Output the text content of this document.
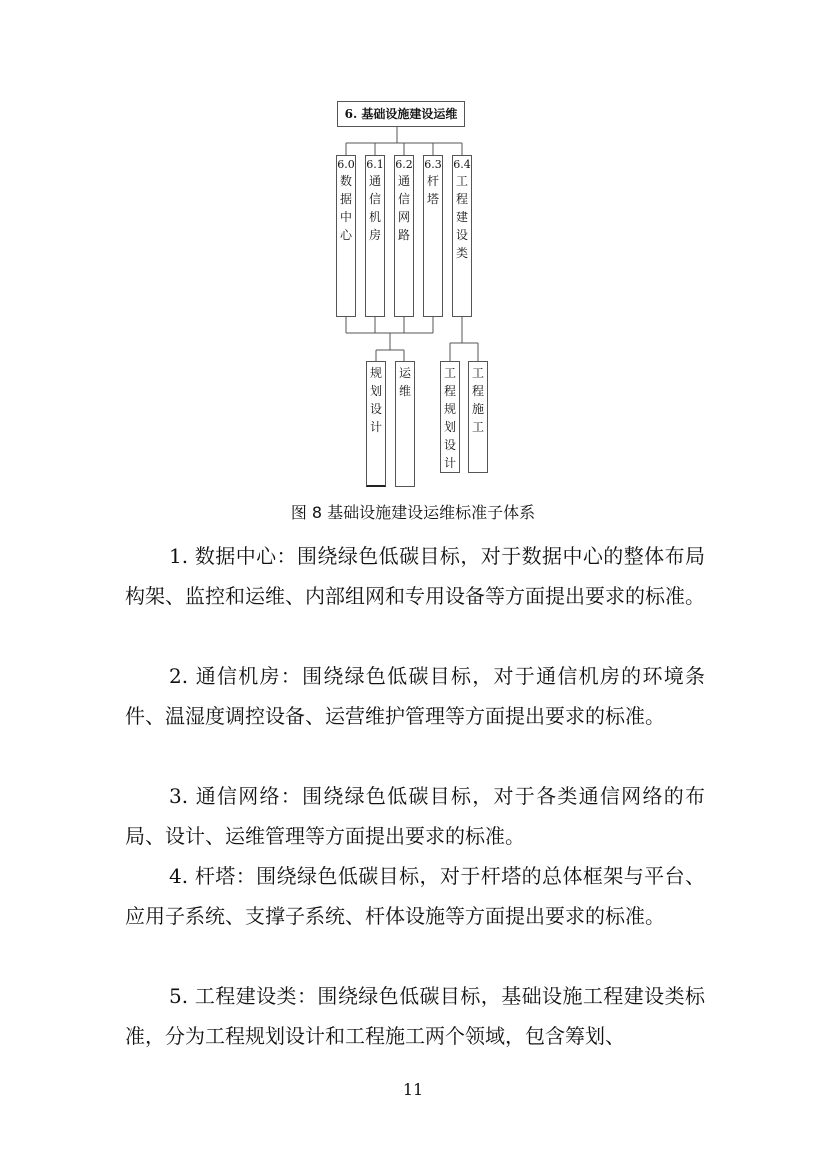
6. 基础设施建设运维
6.0
数据中心
6.1
通信机房
6.2
通信网路
6.3
杆塔
6.4
工程建设类
规划设计
运维
工程规划设计
工程施工
图 8 基础设施建设运维标准子体系

1. 数据中心：围绕绿色低碳目标，对于数据中心的整体布局构架、监控和运维、内部组网和专用设备等方面提出要求的标准。

2. 通信机房：围绕绿色低碳目标，对于通信机房的环境条件、温湿度调控设备、运营维护管理等方面提出要求的标准。

3. 通信网络：围绕绿色低碳目标，对于各类通信网络的布局、设计、运维管理等方面提出要求的标准。

4. 杆塔：围绕绿色低碳目标，对于杆塔的总体框架与平台、应用子系统、支撑子系统、杆体设施等方面提出要求的标准。

5. 工程建设类：围绕绿色低碳目标，基础设施工程建设类标准，分为工程规划设计和工程施工两个领域，包含筹划、

11
